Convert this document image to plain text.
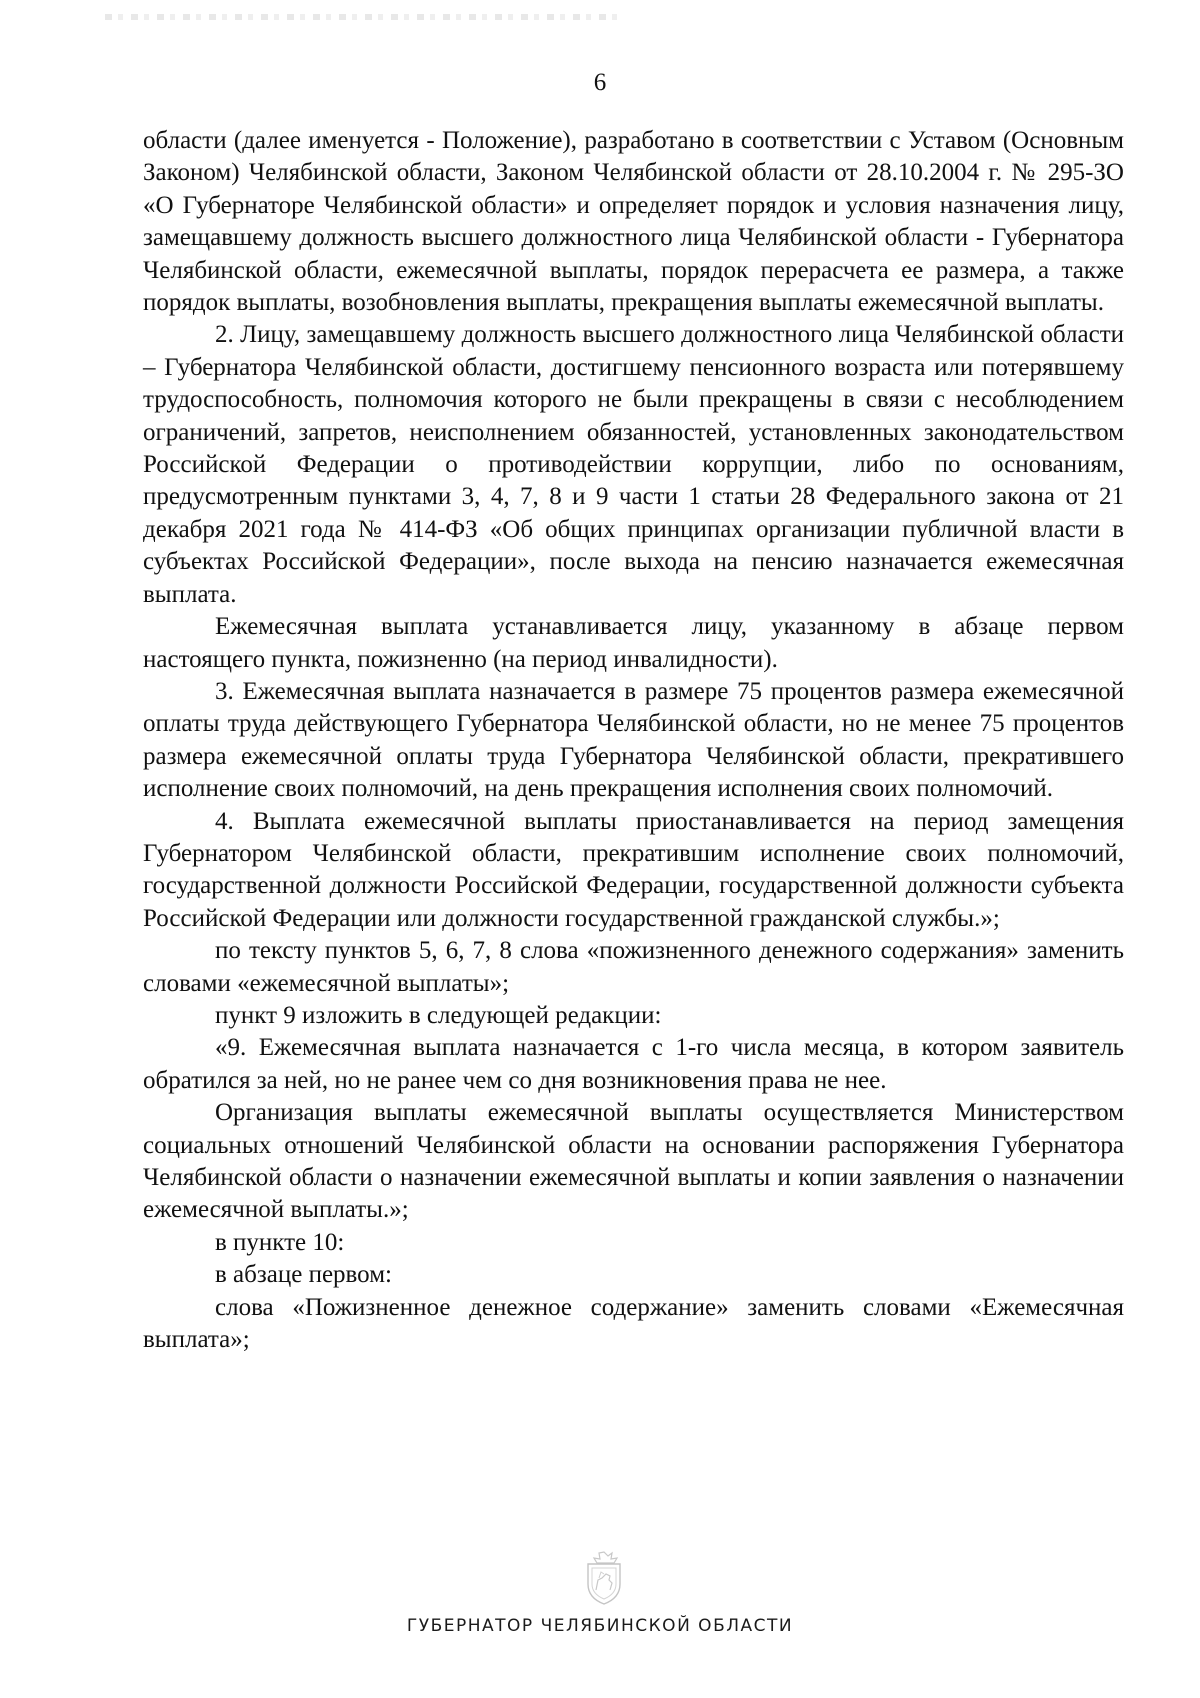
6

области (далее именуется - Положение), разработано в соответствии с Уставом (Основным Законом) Челябинской области, Законом Челябинской области от 28.10.2004 г. № 295-ЗО «О Губернаторе Челябинской области» и определяет порядок и условия назначения лицу, замещавшему должность высшего должностного лица Челябинской области - Губернатора Челябинской области, ежемесячной выплаты, порядок перерасчета ее размера, а также порядок выплаты, возобновления выплаты, прекращения выплаты ежемесячной выплаты.

2. Лицу, замещавшему должность высшего должностного лица Челябинской области – Губернатора Челябинской области, достигшему пенсионного возраста или потерявшему трудоспособность, полномочия которого не были прекращены в связи с несоблюдением ограничений, запретов, неисполнением обязанностей, установленных законодательством Российской Федерации о противодействии коррупции, либо по основаниям, предусмотренным пунктами 3, 4, 7, 8 и 9 части 1 статьи 28 Федерального закона от 21 декабря 2021 года № 414-ФЗ «Об общих принципах организации публичной власти в субъектах Российской Федерации», после выхода на пенсию назначается ежемесячная выплата.

Ежемесячная выплата устанавливается лицу, указанному в абзаце первом настоящего пункта, пожизненно (на период инвалидности).

3. Ежемесячная выплата назначается в размере 75 процентов размера ежемесячной оплаты труда действующего Губернатора Челябинской области, но не менее 75 процентов размера ежемесячной оплаты труда Губернатора Челябинской области, прекратившего исполнение своих полномочий, на день прекращения исполнения своих полномочий.

4. Выплата ежемесячной выплаты приостанавливается на период замещения Губернатором Челябинской области, прекратившим исполнение своих полномочий, государственной должности Российской Федерации, государственной должности субъекта Российской Федерации или должности государственной гражданской службы.»;

по тексту пунктов 5, 6, 7, 8 слова «пожизненного денежного содержания» заменить словами «ежемесячной выплаты»;

пункт 9 изложить в следующей редакции:

«9. Ежемесячная выплата назначается с 1-го числа месяца, в котором заявитель обратился за ней, но не ранее чем со дня возникновения права не нее.

Организация выплаты ежемесячной выплаты осуществляется Министерством социальных отношений Челябинской области на основании распоряжения Губернатора Челябинской области о назначении ежемесячной выплаты и копии заявления о назначении ежемесячной выплаты.»;

в пункте 10:

в абзаце первом:

слова «Пожизненное денежное содержание» заменить словами «Ежемесячная выплата»;

ГУБЕРНАТОР ЧЕЛЯБИНСКОЙ ОБЛАСТИ
